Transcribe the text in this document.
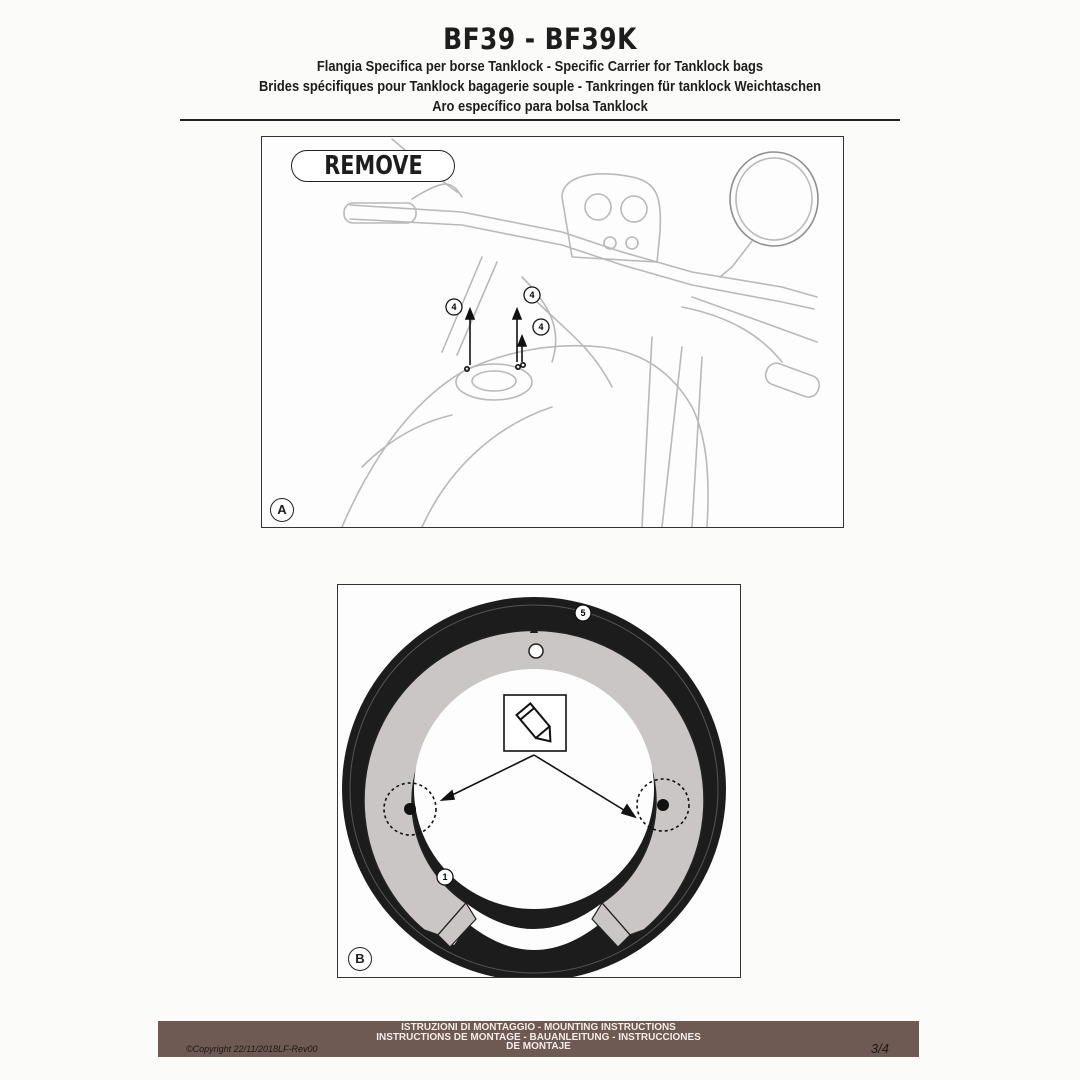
BF39 - BF39K
Flangia Specifica per borse Tanklock - Specific Carrier for Tanklock bags
Brides spécifiques pour Tanklock bagagerie souple - Tankringen für tanklock Weichtaschen
Aro específico para bolsa Tanklock
4
4
4
REMOVE
A
5
1
B
ISTRUZIONI DI MONTAGGIO - MOUNTING INSTRUCTIONS
INSTRUCTIONS DE MONTAGE - BAUANLEITUNG - INSTRUCCIONES
DE MONTAJE
©Copyright 22/11/2018LF-Rev00	3/4
